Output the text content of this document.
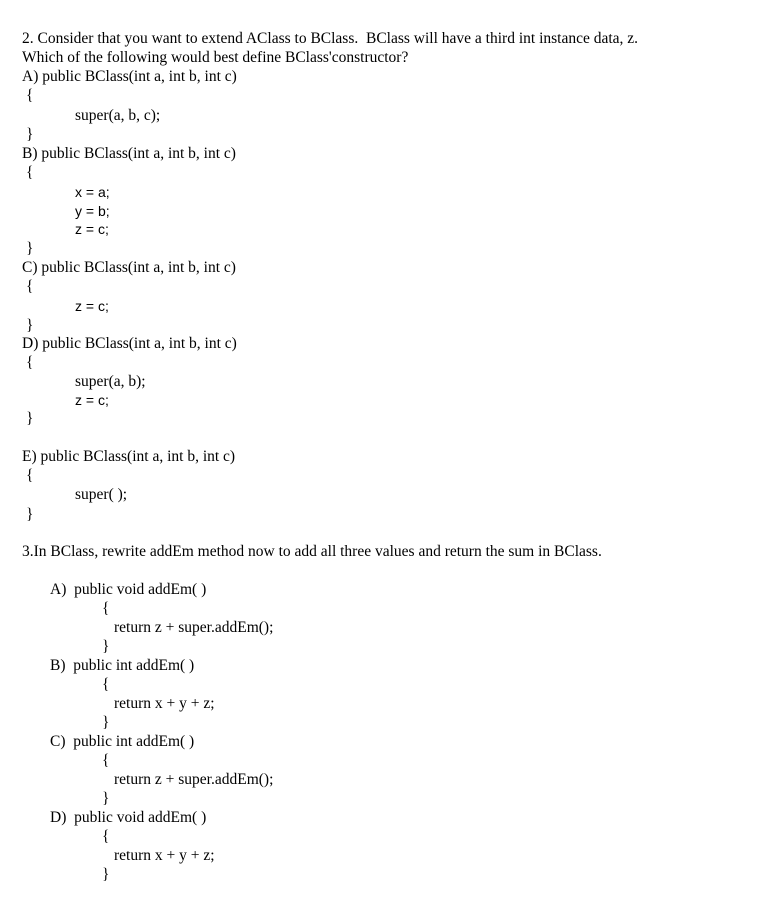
2. Consider that you want to extend AClass to BClass.  BClass will have a third int instance data, z.
Which of the following would best define BClass'constructor?
A) public BClass(int a, int b, int c)
{
super(a, b, c);
}
B) public BClass(int a, int b, int c)
{
x = a;
y = b;
z = c;
}
C) public BClass(int a, int b, int c)
{
z = c;
}
D) public BClass(int a, int b, int c)
{
super(a, b);
z = c;
}
E) public BClass(int a, int b, int c)
{
super( );
}
3.In BClass, rewrite addEm method now to add all three values and return the sum in BClass.
A)  public void addEm( )
{
return z + super.addEm();
}
B)  public int addEm( )
{
return x + y + z;
}
C)  public int addEm( )
{
return z + super.addEm();
}
D)  public void addEm( )
{
return x + y + z;
}
